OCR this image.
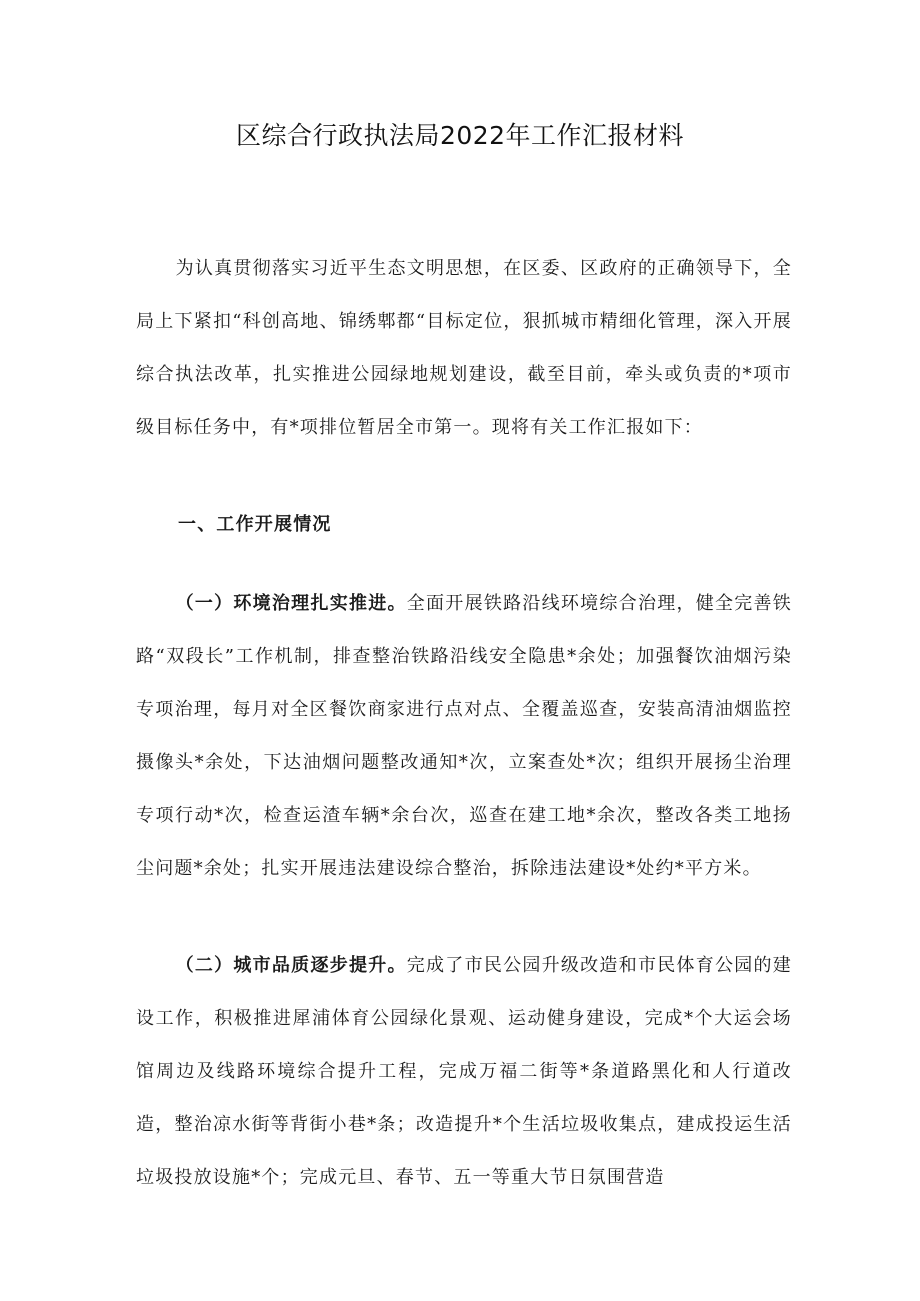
区综合行政执法局2022年工作汇报材料

为认真贯彻落实习近平生态文明思想，在区委、区政府的正确领导下，全局上下紧扣“科创高地、锦绣郫都“目标定位，狠抓城市精细化管理，深入开展综合执法改革，扎实推进公园绿地规划建设，截至目前，牵头或负责的*项市级目标任务中，有*项排位暂居全市第一。现将有关工作汇报如下：

一、工作开展情况

（一）环境治理扎实推进。全面开展铁路沿线环境综合治理，健全完善铁路“双段长”工作机制，排查整治铁路沿线安全隐患*余处；加强餐饮油烟污染专项治理，每月对全区餐饮商家进行点对点、全覆盖巡查，安装高清油烟监控摄像头*余处，下达油烟问题整改通知*次，立案查处*次；组织开展扬尘治理专项行动*次，检查运渣车辆*余台次，巡查在建工地*余次，整改各类工地扬尘问题*余处；扎实开展违法建设综合整治，拆除违法建设*处约*平方米。

（二）城市品质逐步提升。完成了市民公园升级改造和市民体育公园的建设工作，积极推进犀浦体育公园绿化景观、运动健身建设，完成*个大运会场馆周边及线路环境综合提升工程，完成万福二街等*条道路黑化和人行道改造，整治凉水街等背街小巷*条；改造提升*个生活垃圾收集点，建成投运生活垃圾投放设施*个；完成元旦、春节、五一等重大节日氛围营造
